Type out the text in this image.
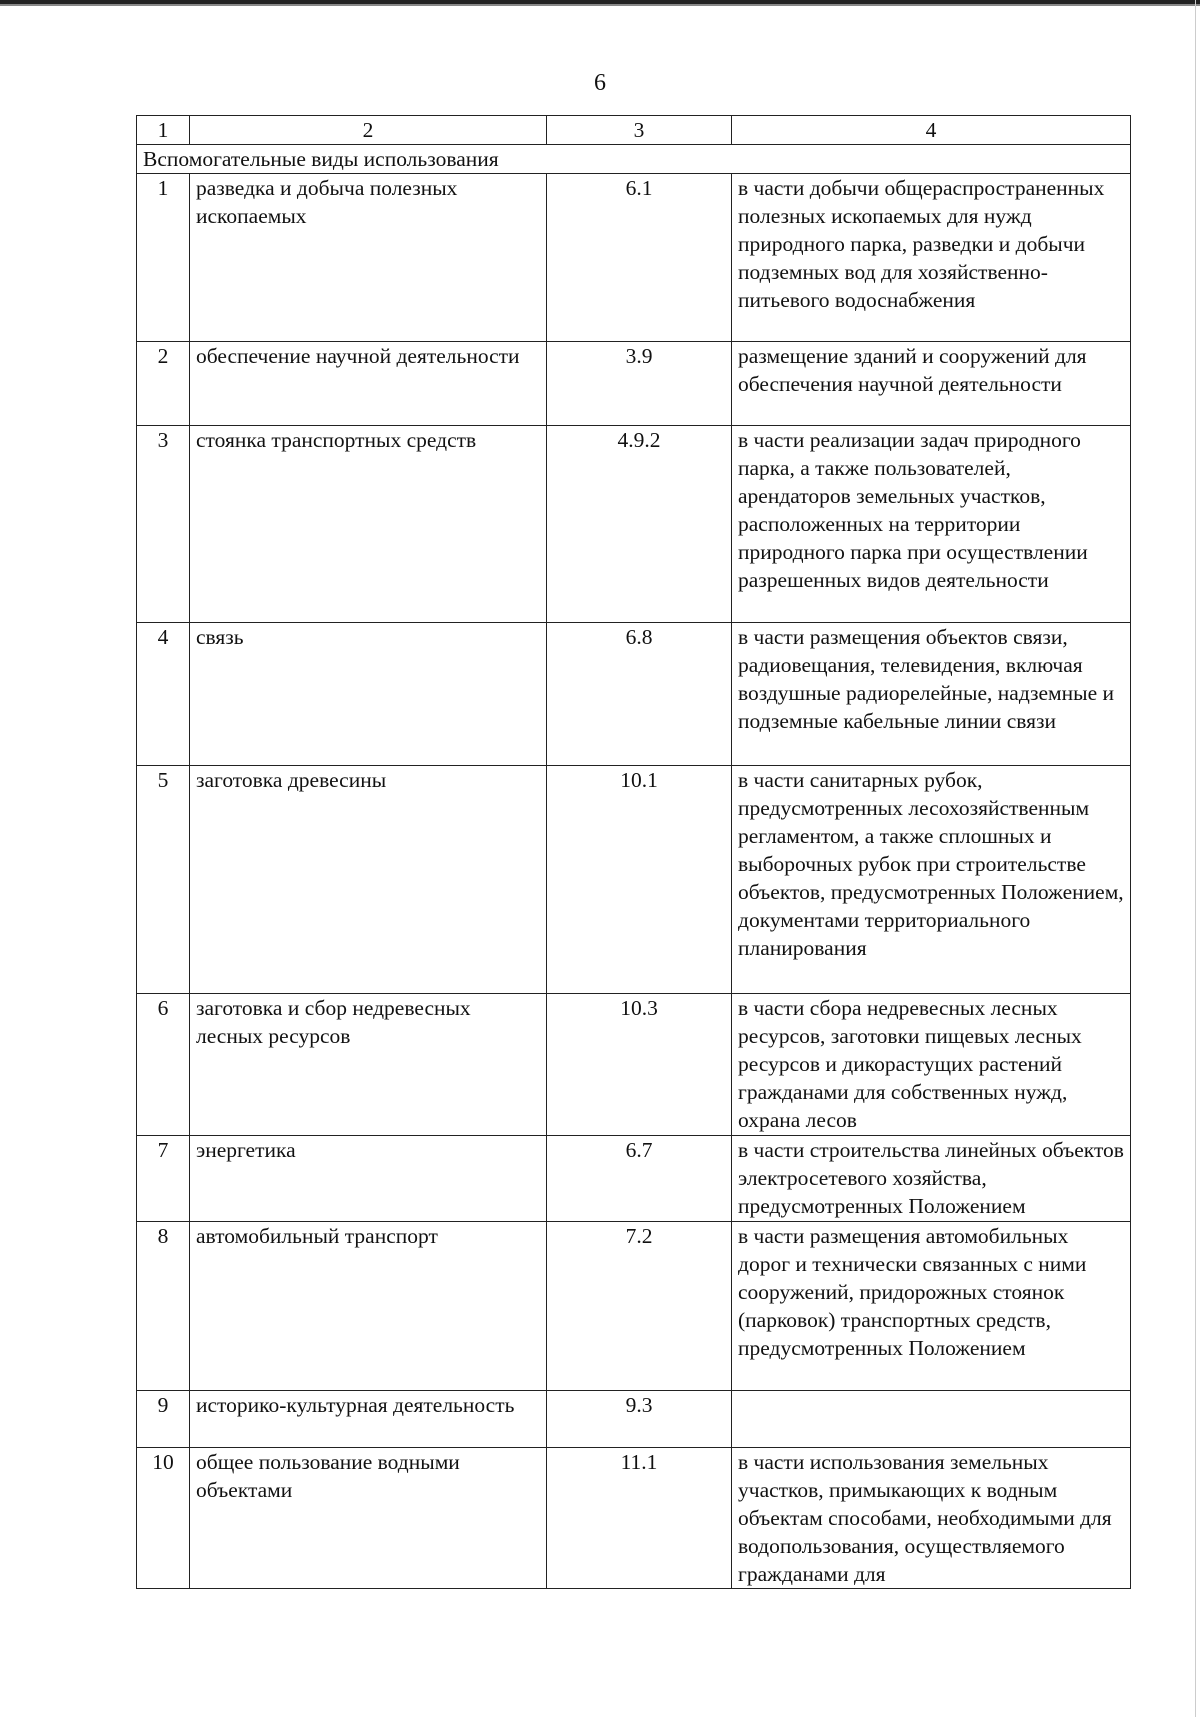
6
1	2	3	4
Вспомогательные виды использования			
1	разведка и добыча полезных ископаемых	6.1	в части добычи общераспространенных полезных ископаемых для нужд природного парка, разведки и добычи подземных вод для хозяйственно-питьевого водоснабжения
2	обеспечение научной деятельности	3.9	размещение зданий и сооружений для обеспечения научной деятельности
3	стоянка транспортных средств	4.9.2	в части реализации задач природного парка, а также пользователей, арендаторов земельных участков, расположенных на территории природного парка при осуществлении разрешенных видов деятельности
4	связь	6.8	в части размещения объектов связи, радиовещания, телевидения, включая воздушные радиорелейные, надземные и подземные кабельные линии связи
5	заготовка древесины	10.1	в части санитарных рубок, предусмотренных лесохозяйственным регламентом, а также сплошных и выборочных рубок при строительстве объектов, предусмотренных Положением, документами территориального планирования
6	заготовка и сбор недревесных лесных ресурсов	10.3	в части сбора недревесных лесных ресурсов, заготовки пищевых лесных ресурсов и дикорастущих растений гражданами для собственных нужд, охрана лесов
7	энергетика	6.7	в части строительства линейных объектов электросетевого хозяйства, предусмотренных Положением
8	автомобильный транспорт	7.2	в части размещения автомобильных дорог и технически связанных с ними сооружений, придорожных стоянок (парковок) транспортных средств, предусмотренных Положением
9	историко-культурная деятельность	9.3	
10	общее пользование водными объектами	11.1	в части использования земельных участков, примыкающих к водным объектам способами, необходимыми для водопользования, осуществляемого гражданами для
